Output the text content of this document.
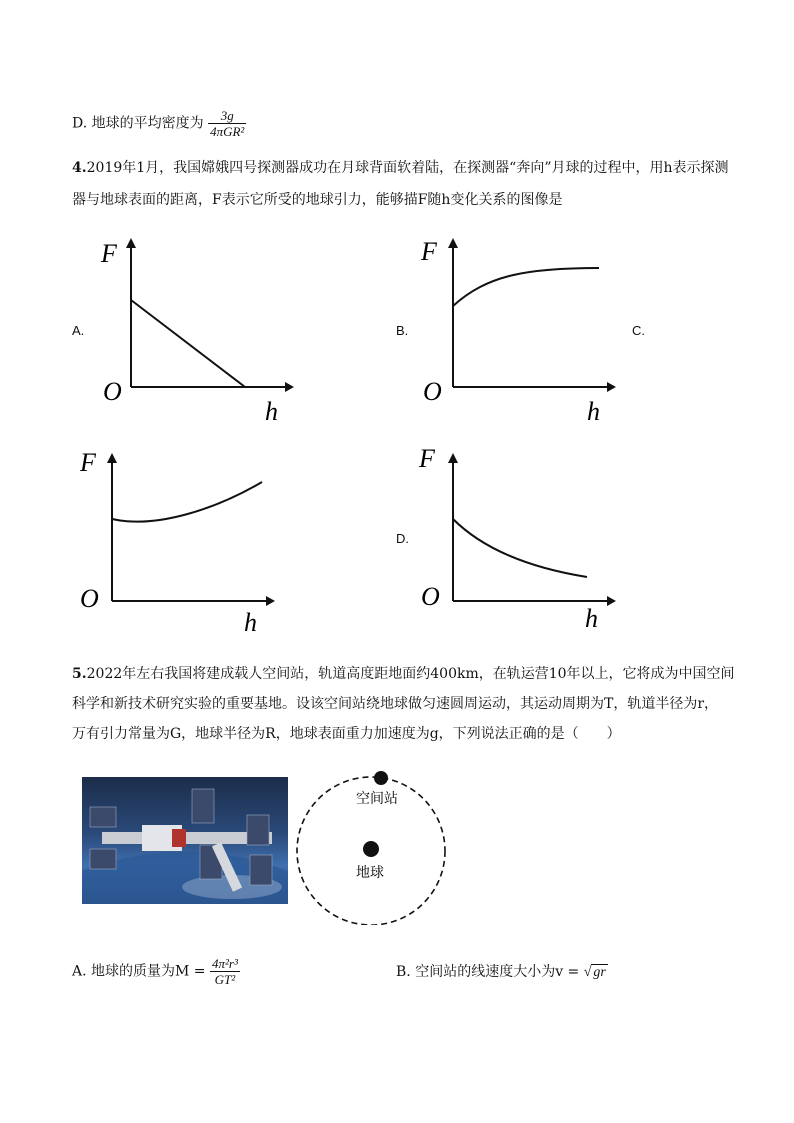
D. 地球的平均密度为 $\frac{3g}{\text{4πGR²}}$
4.2019年1月，我国嫦娥四号探测器成功在月球背面软着陆，在探测器“奔向”月球的过程中，用h表示探测
器与地球表面的距离，F表示它所受的地球引力，能够描F随h变化关系的图像是
A.
F
O
h
B.
F
O
h
C.
F
O
h
D.
F
O
h
5.2022年左右我国将建成载人空间站，轨道高度距地面约400km，在轨运营10年以上，它将成为中国空间
科学和新技术研究实验的重要基地。设该空间站绕地球做匀速圆周运动，其运动周期为T，轨道半径为r，
万有引力常量为G，地球半径为R，地球表面重力加速度为g，下列说法正确的是（　　）
空间站
地球
A. 地球的质量为$M = \frac{\text{4π²r³}}{\text{GT²}}$	B. 空间站的线速度大小为v = √ gr
